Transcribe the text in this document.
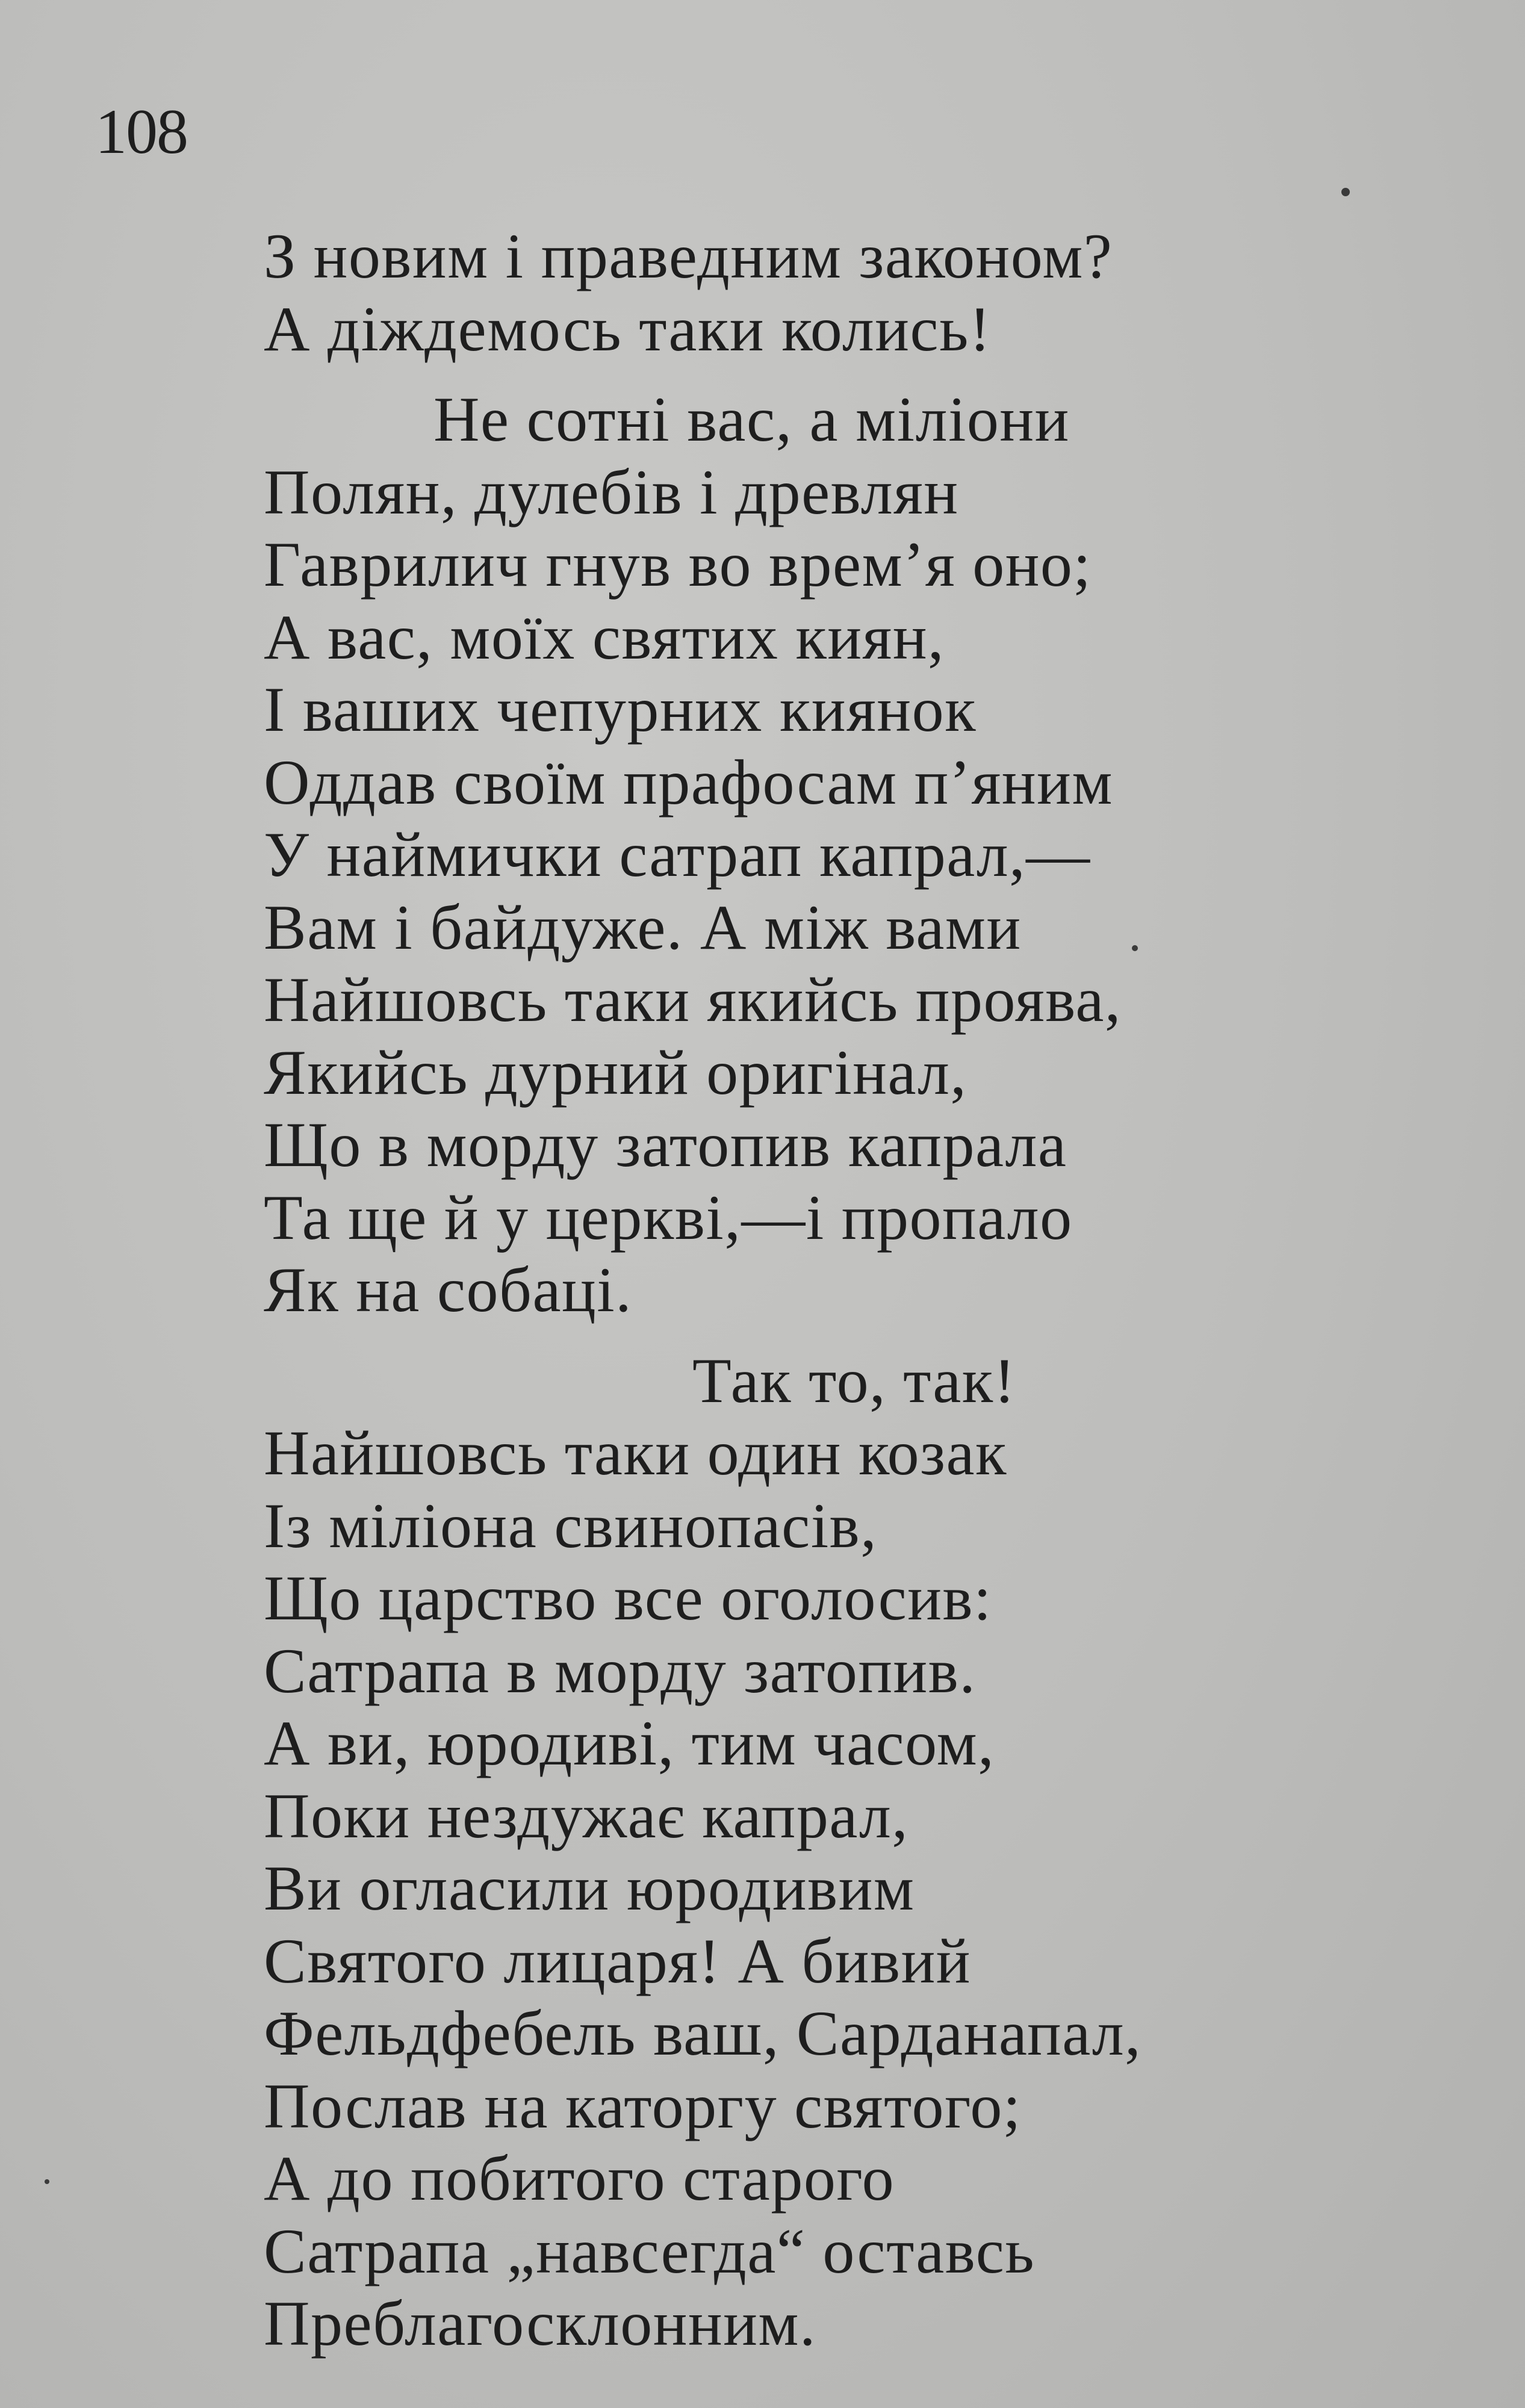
108
З новим і праведним законом?
А діждемось таки колись!
Не сотні вас, а міліони
Полян, дулебів і древлян
Гаврилич гнув во врем’я оно;
А вас, моїх святих киян,
І ваших чепурних киянок
Оддав своїм прафосам п’яним
У наймички сатрап капрал,—
Вам і байдуже. А між вами
Найшовсь таки якийсь проява,
Якийсь дурний оригінал,
Що в морду затопив капрала
Та ще й у церкві,—і пропало
Як на собаці.
Так то, так!
Найшовсь таки один козак
Із міліона свинопасів,
Що царство все оголосив:
Сатрапа в морду затопив.
А ви, юродиві, тим часом,
Поки нездужає капрал,
Ви огласили юродивим
Святого лицаря! А бивий
Фельдфебель ваш, Сарданапал,
Послав на каторгу святого;
А до побитого старого
Сатрапа „навсегда“ оставсь
Преблагосклонним.
